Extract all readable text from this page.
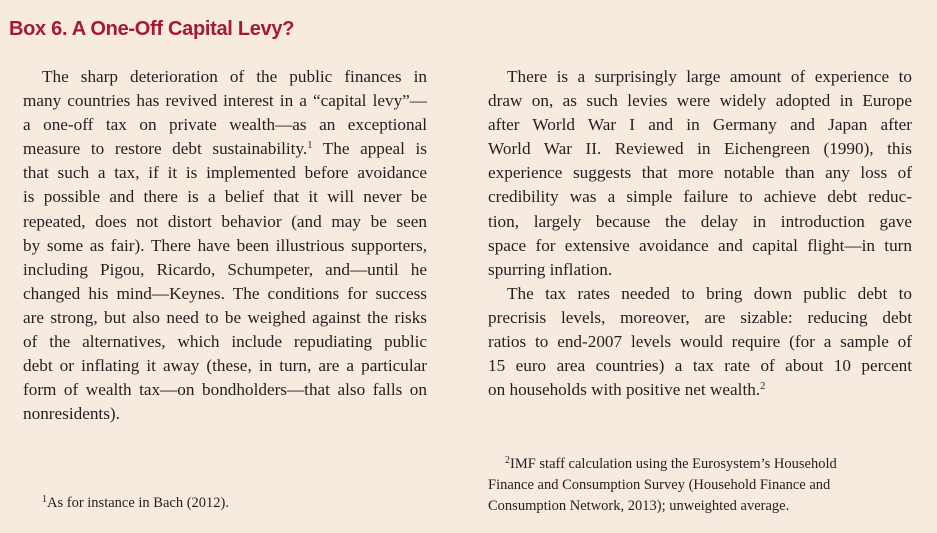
Box 6. A One-Off Capital Levy?
The sharp deterioration of the public finances in
many countries has revived interest in a “capital levy”—
a one-off tax on private wealth—as an exceptional
measure to restore debt sustainability.$^1$ The appeal is
that such a tax, if it is implemented before avoidance
is possible and there is a belief that it will never be
repeated, does not distort behavior (and may be seen
by some as fair). There have been illustrious supporters,
including Pigou, Ricardo, Schumpeter, and—until he
changed his mind—Keynes. The conditions for success
are strong, but also need to be weighed against the risks
of the alternatives, which include repudiating public
debt or inflating it away (these, in turn, are a particular
form of wealth tax—on bondholders—that also falls on
nonresidents).
$^1$As for instance in Bach (2012).
There is a surprisingly large amount of experience to
draw on, as such levies were widely adopted in Europe
after World War I and in Germany and Japan after
World War II. Reviewed in Eichengreen (1990), this
experience suggests that more notable than any loss of
credibility was a simple failure to achieve debt reduc-
tion, largely because the delay in introduction gave
space for extensive avoidance and capital flight—in turn
spurring inflation.
The tax rates needed to bring down public debt to
precrisis levels, moreover, are sizable: reducing debt
ratios to end-2007 levels would require (for a sample of
15 euro area countries) a tax rate of about 10 percent
on households with positive net wealth.$^2$
$^2$IMF staff calculation using the Eurosystem’s Household
Finance and Consumption Survey (Household Finance and
Consumption Network, 2013); unweighted average.
